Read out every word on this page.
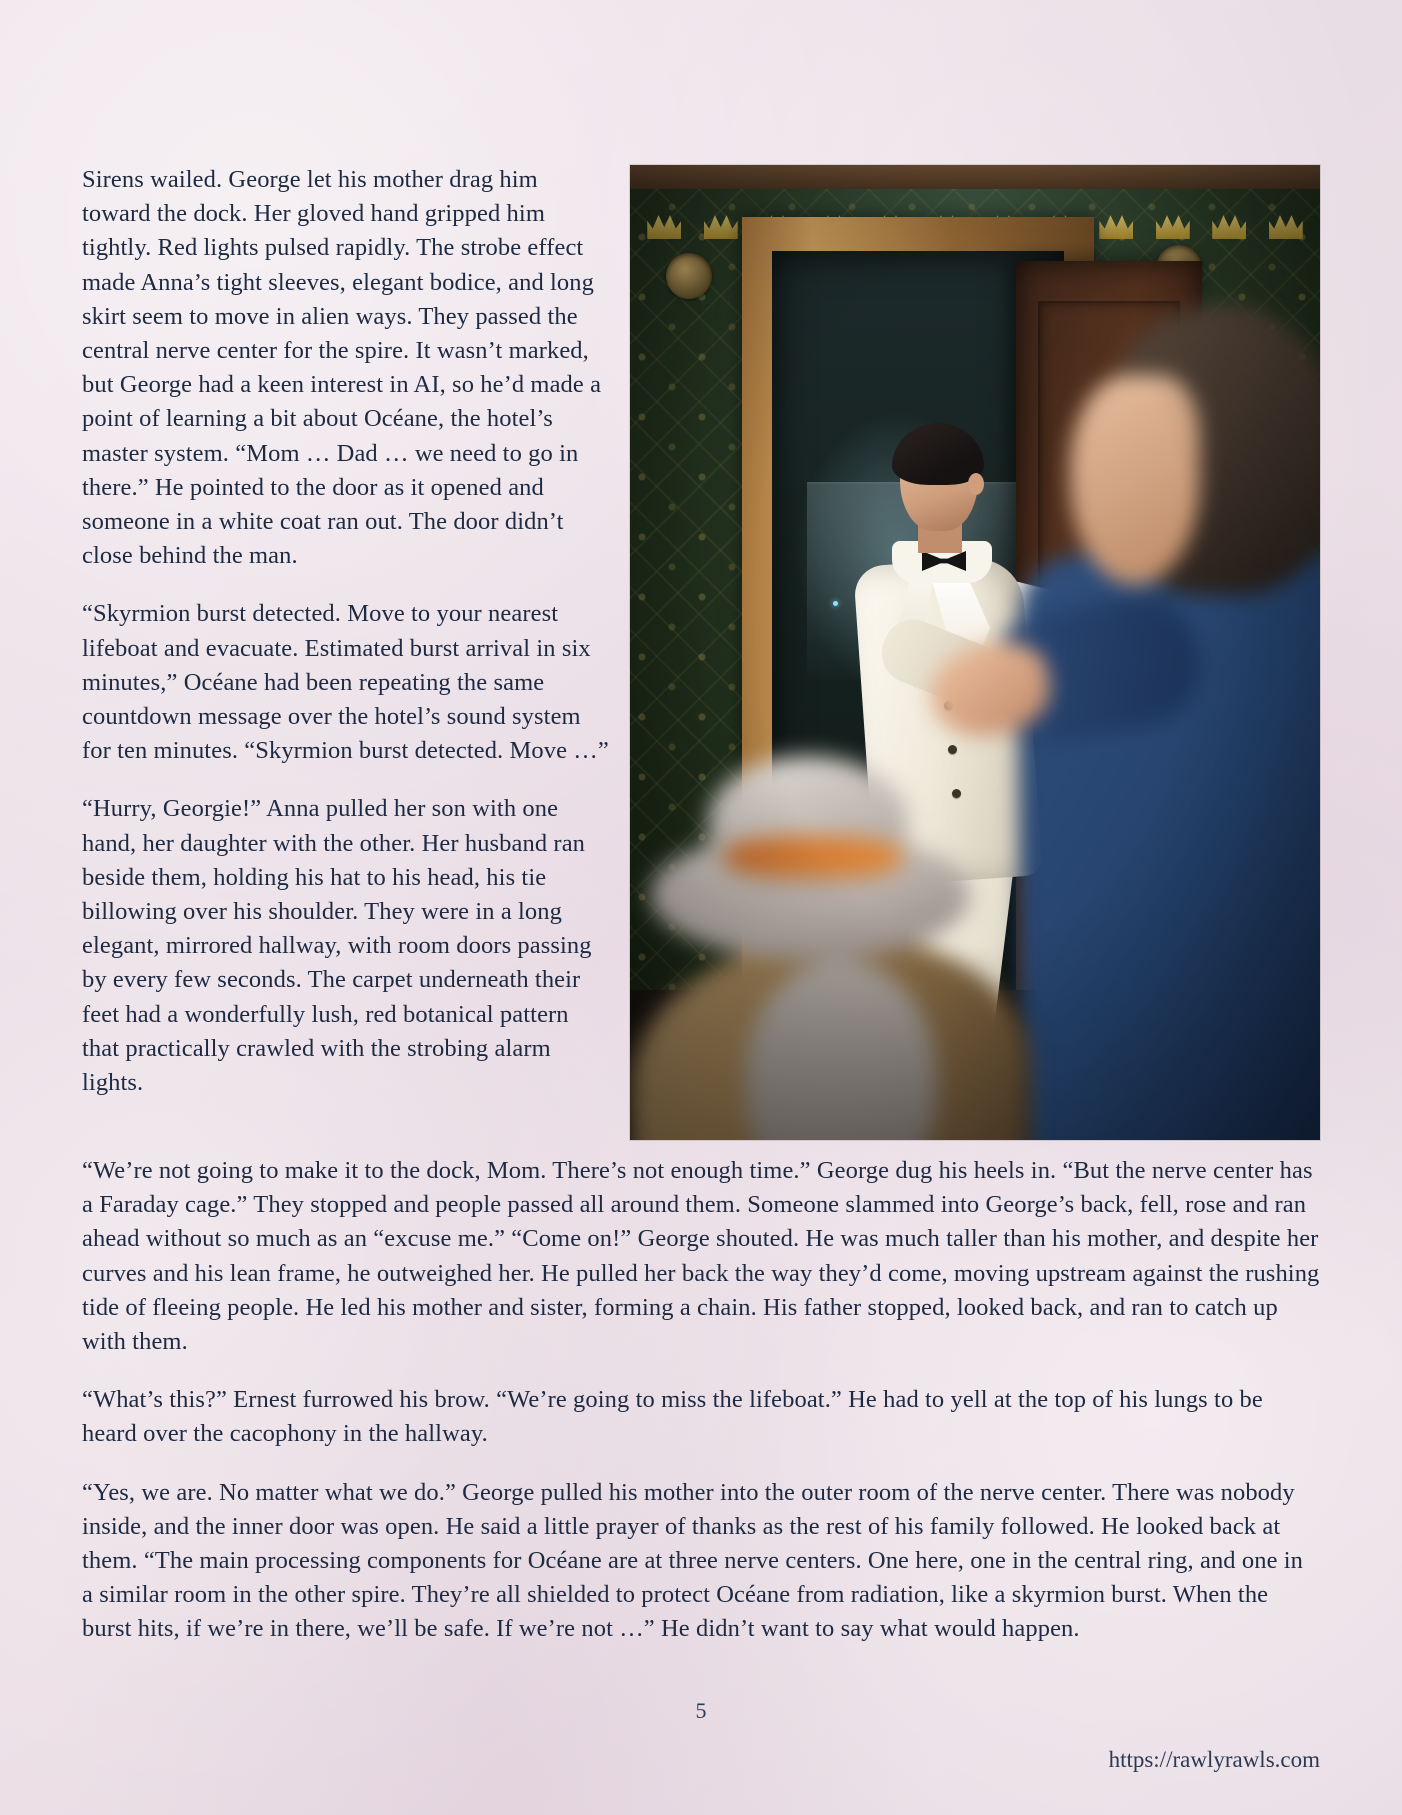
Sirens wailed. George let his mother drag him toward the dock. Her gloved hand gripped him tightly. Red lights pulsed rapidly. The strobe effect made Anna’s tight sleeves, elegant bodice, and long skirt seem to move in alien ways. They passed the central nerve center for the spire. It wasn’t marked, but George had a keen interest in AI, so he’d made a point of learning a bit about Océane, the hotel’s master system. “Mom … Dad … we need to go in there.” He pointed to the door as it opened and someone in a white coat ran out. The door didn’t close behind the man.

“Skyrmion burst detected. Move to your nearest lifeboat and evacuate. Estimated burst arrival in six minutes,” Océane had been repeating the same countdown message over the hotel’s sound system for ten minutes. “Skyrmion burst detected. Move …”

“Hurry, Georgie!” Anna pulled her son with one hand, her daughter with the other. Her husband ran beside them, holding his hat to his head, his tie billowing over his shoulder. They were in a long elegant, mirrored hallway, with room doors passing by every few seconds. The carpet underneath their feet had a wonderfully lush, red botanical pattern that practically crawled with the strobing alarm lights.

“We’re not going to make it to the dock, Mom. There’s not enough time.” George dug his heels in. “But the nerve center has a Faraday cage.” They stopped and people passed all around them. Someone slammed into George’s back, fell, rose and ran ahead without so much as an “excuse me.” “Come on!” George shouted. He was much taller than his mother, and despite her curves and his lean frame, he outweighed her. He pulled her back the way they’d come, moving upstream against the rushing tide of fleeing people. He led his mother and sister, forming a chain. His father stopped, looked back, and ran to catch up with them.

“What’s this?” Ernest furrowed his brow. “We’re going to miss the lifeboat.” He had to yell at the top of his lungs to be heard over the cacophony in the hallway.

“Yes, we are. No matter what we do.” George pulled his mother into the outer room of the nerve center. There was nobody inside, and the inner door was open. He said a little prayer of thanks as the rest of his family followed. He looked back at them. “The main processing components for Océane are at three nerve centers. One here, one in the central ring, and one in a similar room in the other spire. They’re all shielded to protect Océane from radiation, like a skyrmion burst. When the burst hits, if we’re in there, we’ll be safe. If we’re not …” He didn’t want to say what would happen.

5
https://rawlyrawls.com
